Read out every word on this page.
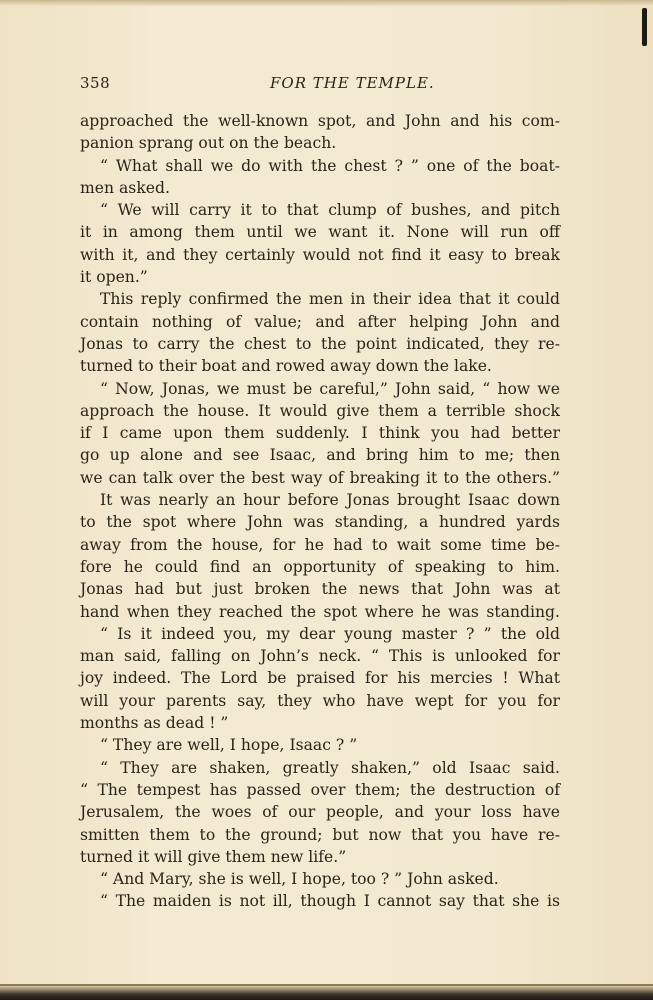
358	FOR THE TEMPLE.
approached the well-known spot, and John and his com-
panion sprang out on the beach.
“ What shall we do with the chest ? ” one of the boat-
men asked.
“ We will carry it to that clump of bushes, and pitch
it in among them until we want it. None will run off
with it, and they certainly would not find it easy to break
it open.”
This reply confirmed the men in their idea that it could
contain nothing of value; and after helping John and
Jonas to carry the chest to the point indicated, they re-
turned to their boat and rowed away down the lake.
“ Now, Jonas, we must be careful,” John said, “ how we
approach the house. It would give them a terrible shock
if I came upon them suddenly. I think you had better
go up alone and see Isaac, and bring him to me; then
we can talk over the best way of breaking it to the others.”
It was nearly an hour before Jonas brought Isaac down
to the spot where John was standing, a hundred yards
away from the house, for he had to wait some time be-
fore he could find an opportunity of speaking to him.
Jonas had but just broken the news that John was at
hand when they reached the spot where he was standing.
“ Is it indeed you, my dear young master ? ” the old
man said, falling on John’s neck. “ This is unlooked for
joy indeed. The Lord be praised for his mercies ! What
will your parents say, they who have wept for you for
months as dead ! ”
“ They are well, I hope, Isaac ? ”
“ They are shaken, greatly shaken,” old Isaac said.
“ The tempest has passed over them; the destruction of
Jerusalem, the woes of our people, and your loss have
smitten them to the ground; but now that you have re-
turned it will give them new life.”
“ And Mary, she is well, I hope, too ? ” John asked.
“ The maiden is not ill, though I cannot say that she is
